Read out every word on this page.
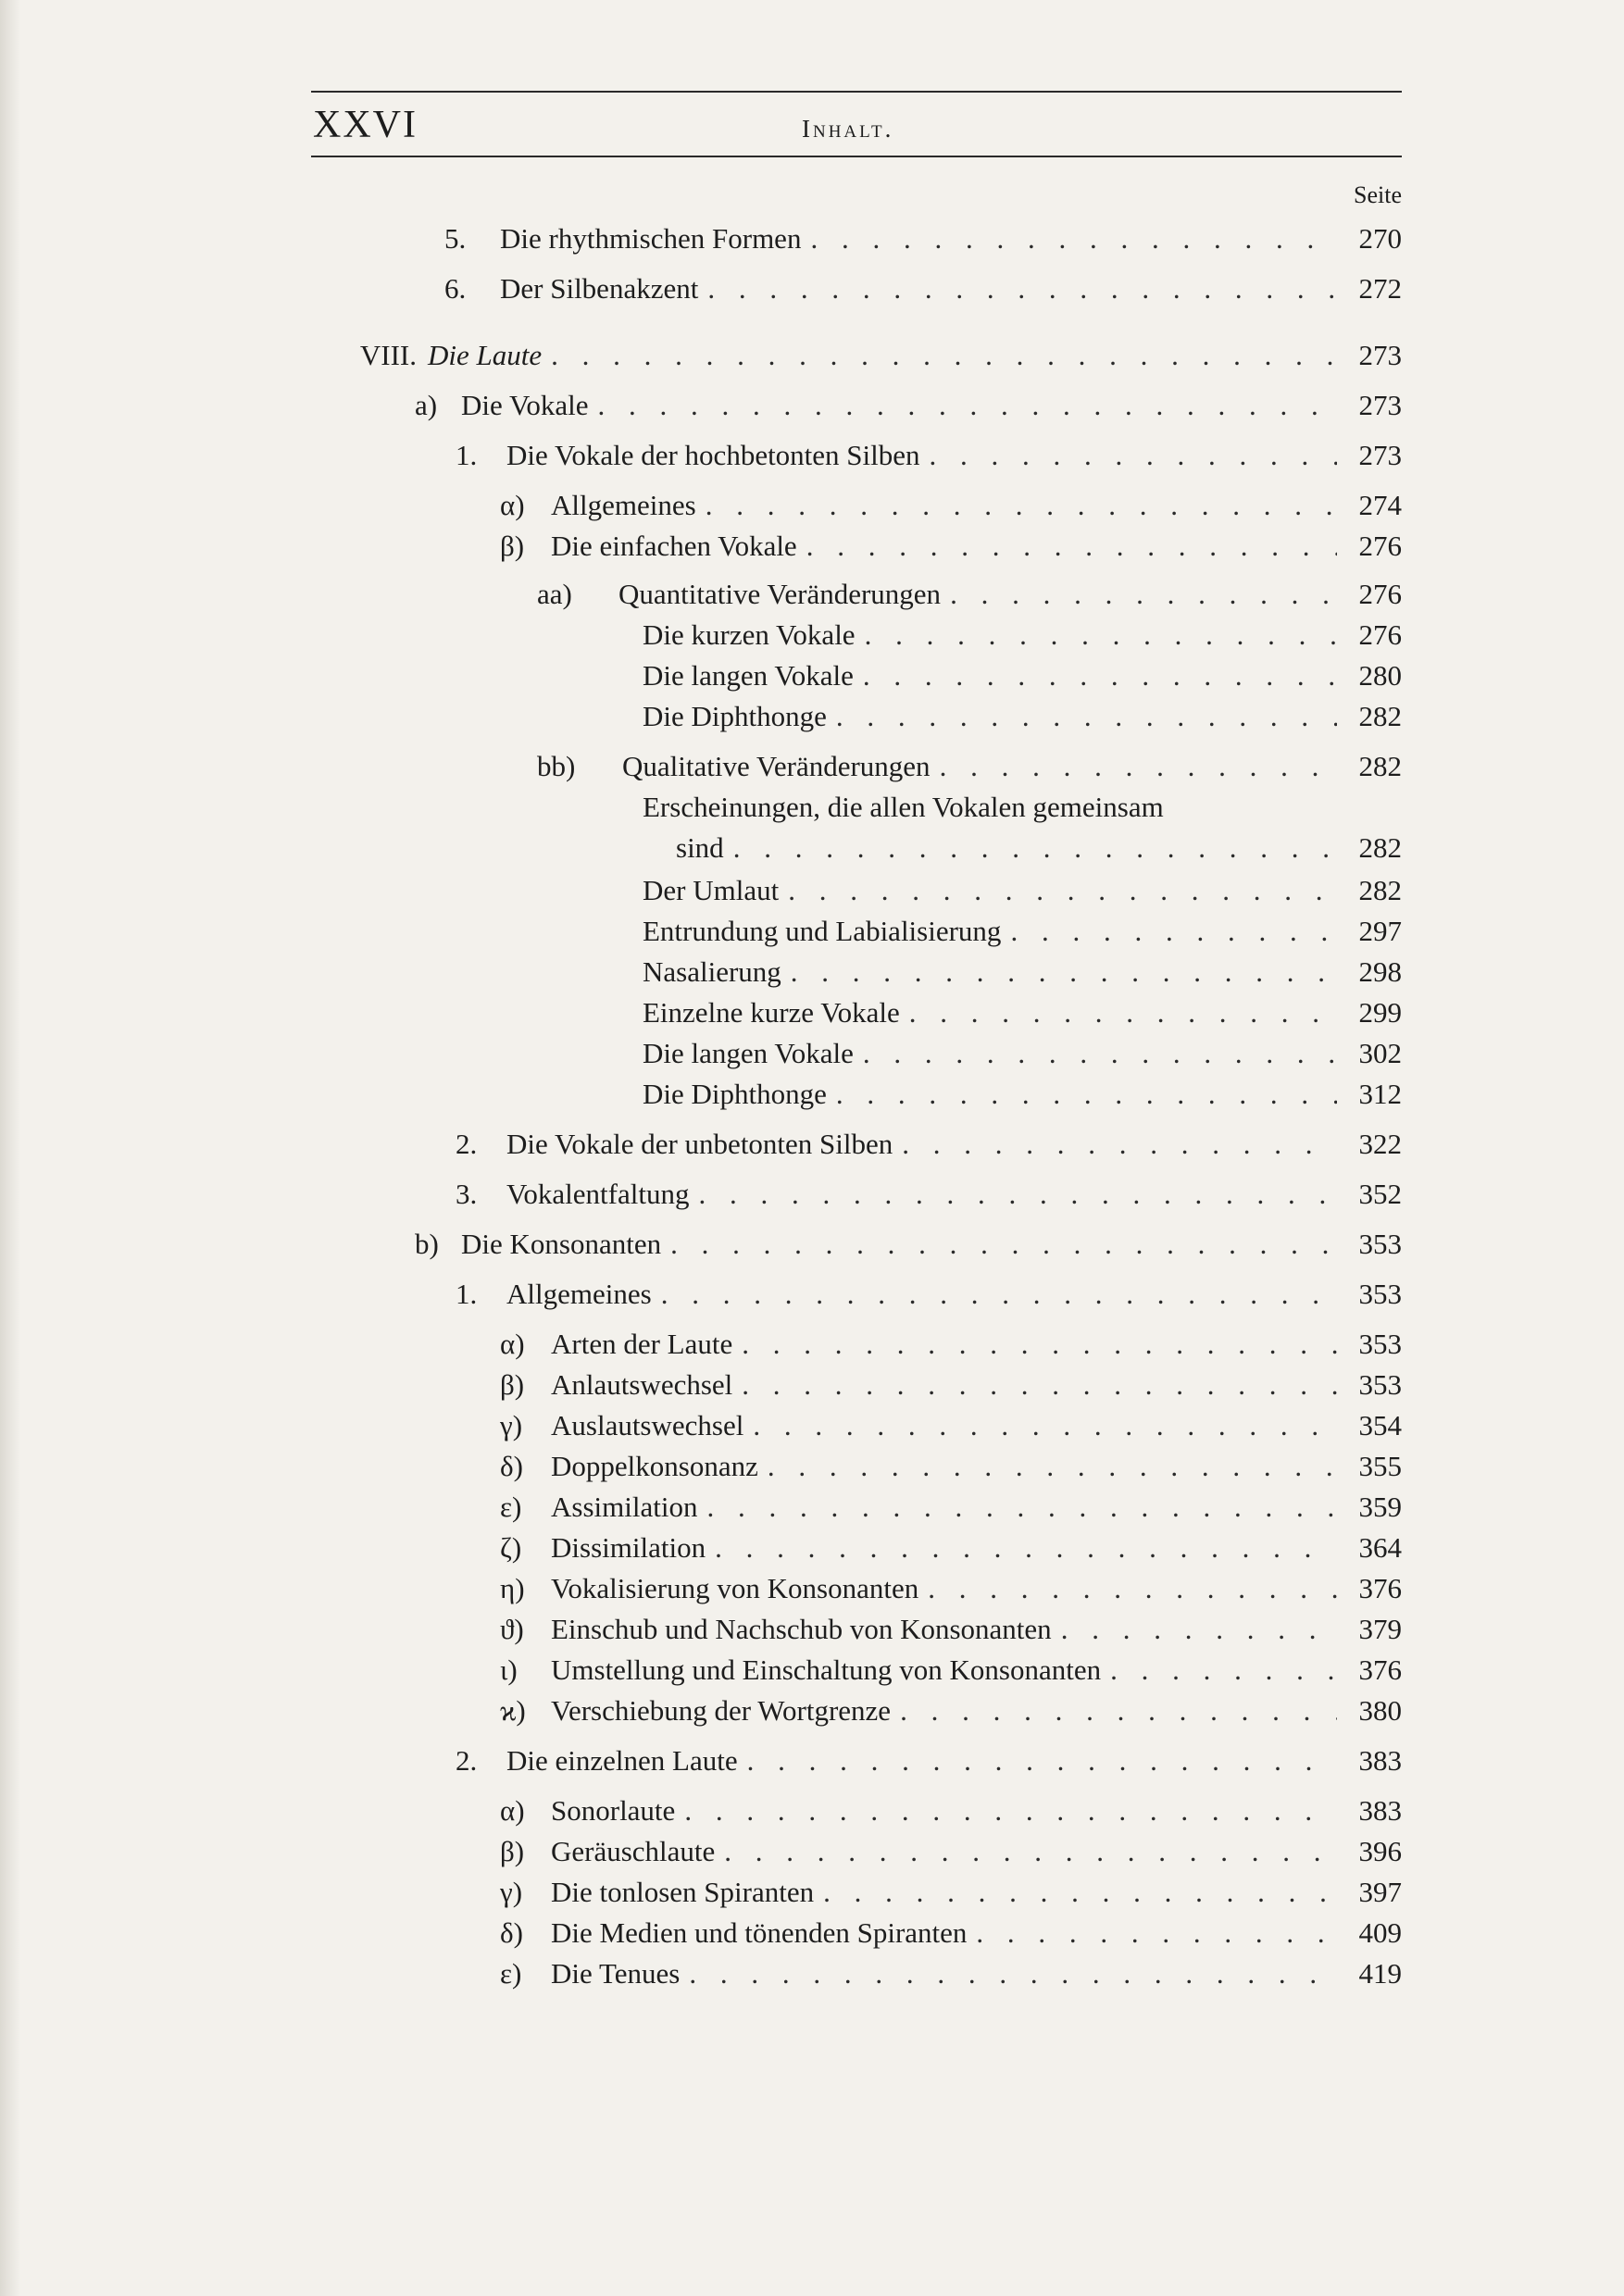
XXVI	Inhalt.
Seite
5.	Die rhythmischen Formen . . .	270
6.	Der Silbenakzent . . .	272
VIII. Die Laute . . .	273
a) Die Vokale . . .	273
1.	Die Vokale der hochbetonten Silben . . .	273
α) Allgemeines . . .	274
β) Die einfachen Vokale . . .	276
aa)	Quantitative Veränderungen . . .	276
Die kurzen Vokale . . .	276
Die langen Vokale . . .	280
Die Diphthonge . . .	282
bb)	Qualitative Veränderungen . . .	282
Erscheinungen, die allen Vokalen gemeinsam
sind . . .	282
Der Umlaut . . .	282
Entrundung und Labialisierung . . .	297
Nasalierung . . .	298
Einzelne kurze Vokale . . .	299
Die langen Vokale . . .	302
Die Diphthonge . . .	312
2.	Die Vokale der unbetonten Silben . . .	322
3.	Vokalentfaltung . . .	352
b) Die Konsonanten . . .	353
1.	Allgemeines . . .	353
α) Arten der Laute . . .	353
β) Anlautswechsel . . .	353
γ) Auslautswechsel . . .	354
δ) Doppelkonsonanz . . .	355
ε)	Assimilation . . .	359
ζ)	Dissimilation . . .	364
η) Vokalisierung von Konsonanten . . .	376
ϑ) Einschub und Nachschub von Konsonanten . . .	379
ι)	Umstellung und Einschaltung von Konsonanten . . .	376
ϰ) Verschiebung der Wortgrenze . . .	380
2.	Die einzelnen Laute . . .	383
α) Sonorlaute . . .	383
β) Geräuschlaute . . .	396
γ) Die tonlosen Spiranten . . .	397
δ) Die Medien und tönenden Spiranten . . .	409
ε)	Die Tenues . . .	419
